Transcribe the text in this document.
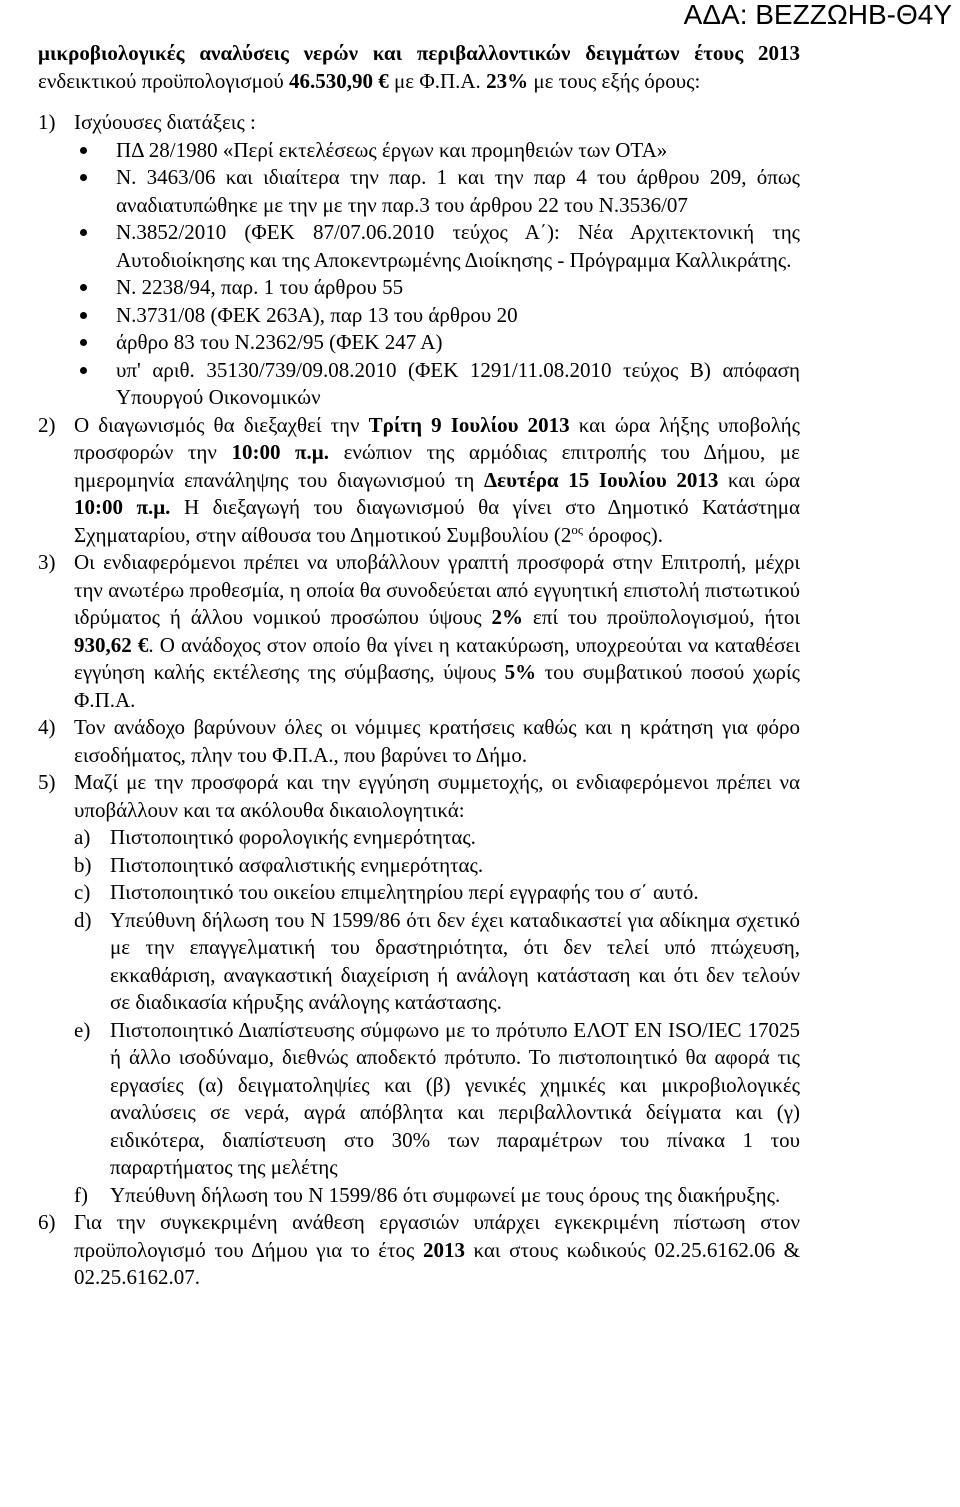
ΑΔΑ: ΒΕΖΖΩΗΒ-Θ4Υ

μικροβιολογικές αναλύσεις νερών και περιβαλλοντικών δειγμάτων έτους 2013 ενδεικτικού προϋπολογισμού 46.530,90 € με Φ.Π.Α. 23% με τους εξής όρους:

1) Ισχύουσες διατάξεις :
ΠΔ 28/1980 «Περί εκτελέσεως έργων και προμηθειών των ΟΤΑ»
Ν. 3463/06 και ιδιαίτερα την παρ. 1 και την παρ 4 του άρθρου 209, όπως αναδιατυπώθηκε με την με την παρ.3 του άρθρου 22 του Ν.3536/07
Ν.3852/2010 (ΦΕΚ 87/07.06.2010 τεύχος Α΄): Νέα Αρχιτεκτονική της Αυτοδιοίκησης και της Αποκεντρωμένης Διοίκησης - Πρόγραμμα Καλλικράτης.
Ν. 2238/94, παρ. 1 του άρθρου 55
Ν.3731/08 (ΦΕΚ 263Α), παρ 13 του άρθρου 20
άρθρο 83 του Ν.2362/95 (ΦΕΚ 247 Α)
υπ' αριθ. 35130/739/09.08.2010 (ΦΕΚ 1291/11.08.2010 τεύχος Β) απόφαση Υπουργού Οικονομικών
2) Ο διαγωνισμός θα διεξαχθεί την Τρίτη 9 Ιουλίου 2013 και ώρα λήξης υποβολής προσφορών την 10:00 π.μ. ενώπιον της αρμόδιας επιτροπής του Δήμου, με ημερομηνία επανάληψης του διαγωνισμού τη Δευτέρα 15 Ιουλίου 2013 και ώρα 10:00 π.μ. Η διεξαγωγή του διαγωνισμού θα γίνει στο Δημοτικό Κατάστημα Σχηματαρίου, στην αίθουσα του Δημοτικού Συμβουλίου ($2^{o\varsigma}$ όροφος).
3) Οι ενδιαφερόμενοι πρέπει να υποβάλλουν γραπτή προσφορά στην Επιτροπή, μέχρι την ανωτέρω προθεσμία, η οποία θα συνοδεύεται από εγγυητική επιστολή πιστωτικού ιδρύματος ή άλλου νομικού προσώπου ύψους 2% επί του προϋπολογισμού, ήτοι 930,62 €. Ο ανάδοχος στον οποίο θα γίνει η κατακύρωση, υποχρεούται να καταθέσει εγγύηση καλής εκτέλεσης της σύμβασης, ύψους 5% του συμβατικού ποσού χωρίς Φ.Π.Α.
4) Τον ανάδοχο βαρύνουν όλες οι νόμιμες κρατήσεις καθώς και η κράτηση για φόρο εισοδήματος, πλην του Φ.Π.Α., που βαρύνει το Δήμο.
5) Μαζί με την προσφορά και την εγγύηση συμμετοχής, οι ενδιαφερόμενοι πρέπει να υποβάλλουν και τα ακόλουθα δικαιολογητικά:
a) Πιστοποιητικό φορολογικής ενημερότητας.
b) Πιστοποιητικό ασφαλιστικής ενημερότητας.
c) Πιστοποιητικό του οικείου επιμελητηρίου περί εγγραφής του σ΄ αυτό.
d) Υπεύθυνη δήλωση του Ν 1599/86 ότι δεν έχει καταδικαστεί για αδίκημα σχετικό με την επαγγελματική του δραστηριότητα, ότι δεν τελεί υπό πτώχευση, εκκαθάριση, αναγκαστική διαχείριση ή ανάλογη κατάσταση και ότι δεν τελούν σε διαδικασία κήρυξης ανάλογης κατάστασης.
e) Πιστοποιητικό Διαπίστευσης σύμφωνο με το πρότυπο ΕΛΟΤ ΕΝ ISO/IEC 17025 ή άλλο ισοδύναμο, διεθνώς αποδεκτό πρότυπο. Το πιστοποιητικό θα αφορά τις εργασίες (α) δειγματοληψίες και (β) γενικές χημικές και μικροβιολογικές αναλύσεις σε νερά, αγρά απόβλητα και περιβαλλοντικά δείγματα και (γ) ειδικότερα, διαπίστευση στο 30% των παραμέτρων του πίνακα 1 του παραρτήματος της μελέτης
f) Υπεύθυνη δήλωση του Ν 1599/86 ότι συμφωνεί με τους όρους της διακήρυξης.
6) Για την συγκεκριμένη ανάθεση εργασιών υπάρχει εγκεκριμένη πίστωση στον προϋπολογισμό του Δήμου για το έτος 2013 και στους κωδικούς 02.25.6162.06 & 02.25.6162.07.
